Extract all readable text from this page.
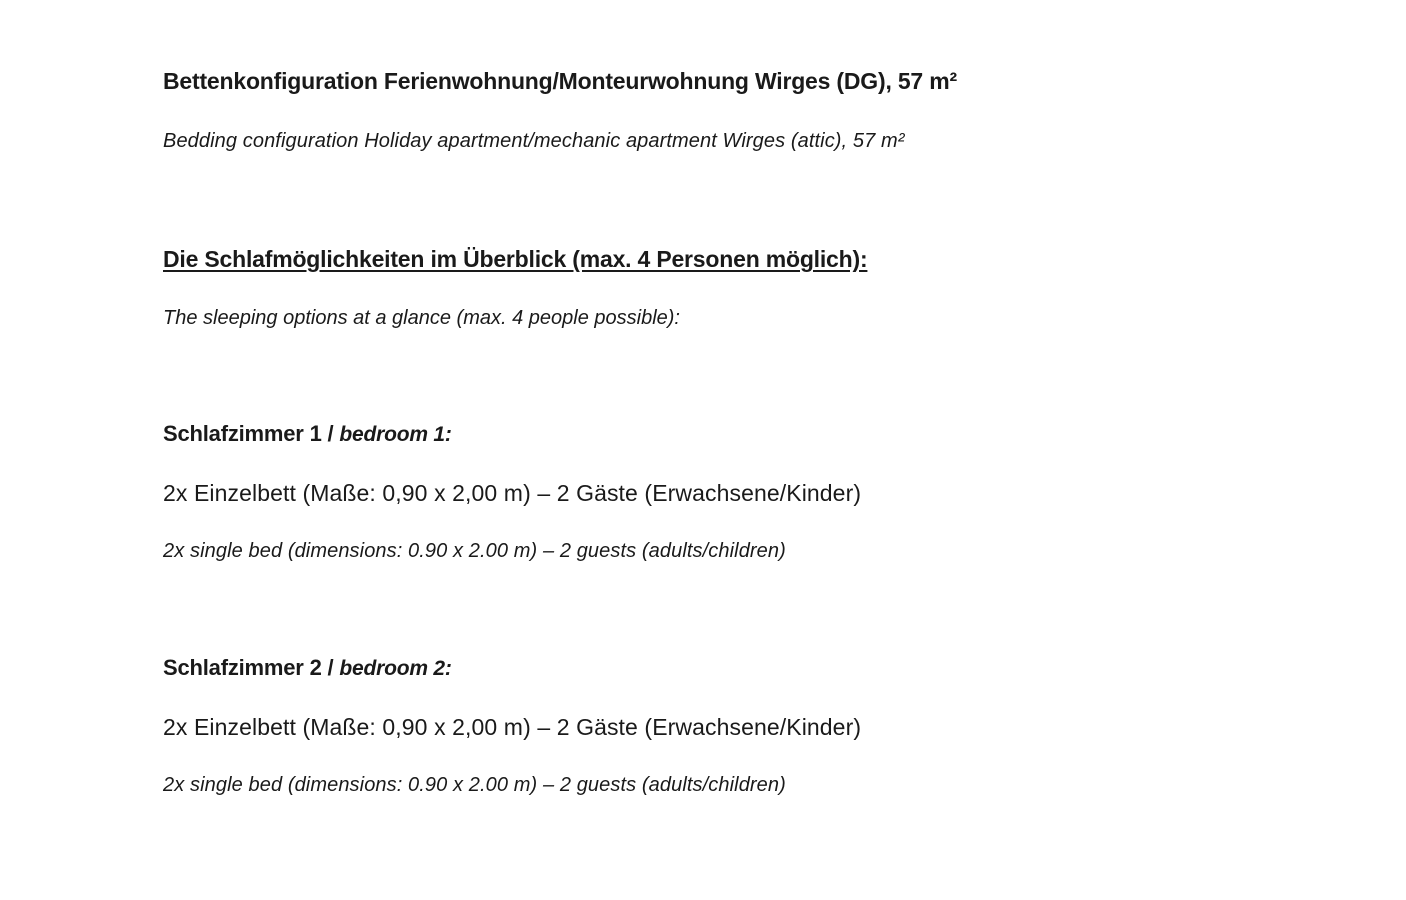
Bettenkonfiguration Ferienwohnung/Monteurwohnung Wirges (DG), 57 m²
Bedding configuration Holiday apartment/mechanic apartment Wirges (attic), 57 m²
Die Schlafmöglichkeiten im Überblick (max. 4 Personen möglich):
The sleeping options at a glance (max. 4 people possible):
Schlafzimmer 1 / bedroom 1:
2x Einzelbett (Maße: 0,90 x 2,00 m) – 2 Gäste (Erwachsene/Kinder)
2x single bed (dimensions: 0.90 x 2.00 m) – 2 guests (adults/children)
Schlafzimmer 2 / bedroom 2:
2x Einzelbett (Maße: 0,90 x 2,00 m) – 2 Gäste (Erwachsene/Kinder)
2x single bed (dimensions: 0.90 x 2.00 m) – 2 guests (adults/children)
